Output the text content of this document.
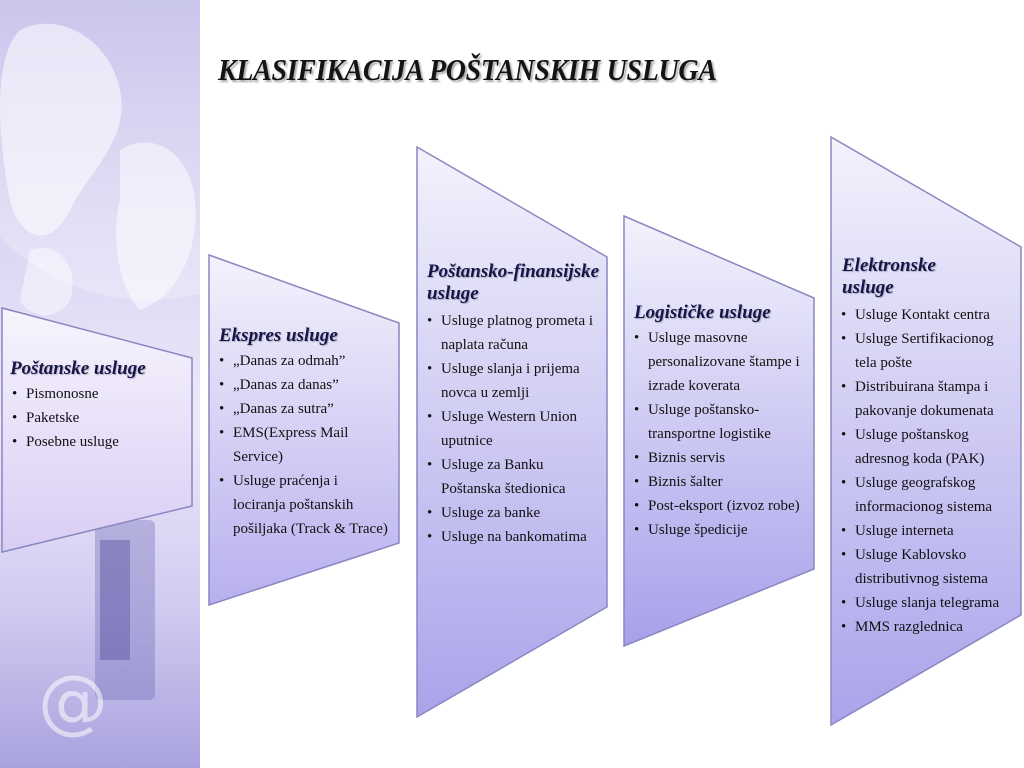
@
KLASIFIKACIJA POŠTANSKIH USLUGA
Poštanske usluge
• Pismonosne
• Paketske
• Posebne usluge
Ekspres usluge
• „Danas za odmah”
• „Danas za danas”
• „Danas za sutra”
• EMS(Express Mail Service)
• Usluge praćenja i lociranja poštanskih pošiljaka (Track & Trace)
Poštansko-finansijske usluge
• Usluge platnog prometa i naplata računa
• Usluge slanja i prijema novca u zemlji
• Usluge Western Union uputnice
• Usluge za Banku Poštanska štedionica
• Usluge za banke
• Usluge na bankomatima
Logističke usluge
• Usluge masovne personalizovane štampe i izrade koverata
• Usluge poštansko-transportne logistike
• Biznis servis
• Biznis šalter
• Post-eksport (izvoz robe)
• Usluge špedicije
Elektronske usluge
• Usluge Kontakt centra
• Usluge Sertifikacionog tela pošte
• Distribuirana štampa i pakovanje dokumenata
• Usluge poštanskog adresnog koda (PAK)
• Usluge geografskog informacionog sistema
• Usluge interneta
• Usluge Kablovsko distributivnog sistema
• Usluge slanja telegrama
• MMS razglednica
